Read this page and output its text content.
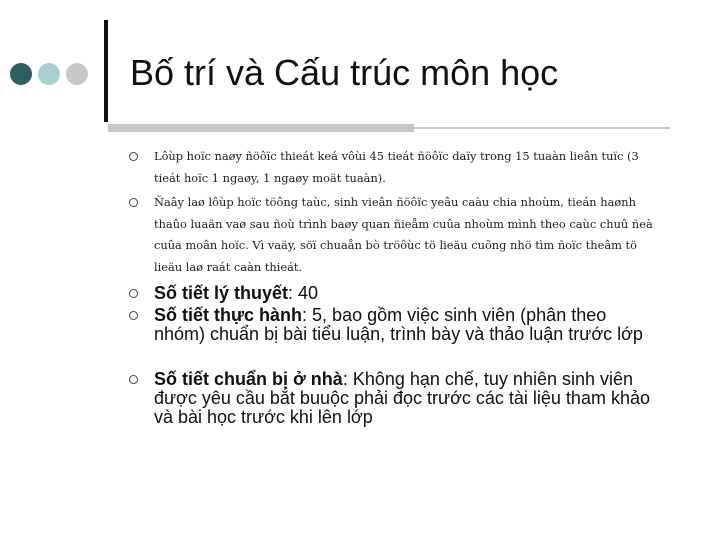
Bố trí và Cấu trúc môn học
Lôùp hoïc naøy ñöôïc thieát keá vôùi 45 tieát ñöôïc daïy trong 15 tuaàn lieân tuïc (3 tieát hoïc 1 ngaøy, 1 ngaøy moät tuaàn).
Ñaây laø lôùp hoïc töông taùc, sinh vieân ñöôïc yeâu caàu chia nhoùm, tieán haønh thaûo luaän vaø sau ñoù trình baøy quan ñieåm cuûa nhoùm mình theo caùc chuû ñeà cuûa moân hoïc. Vì vaäy, söï chuaån bò tröôùc tö lieäu cuõng nhö tìm ñoïc theâm tö lieäu laø raát caàn thieát.
Số tiết lý thuyết: 40
Số tiết thực hành: 5, bao gồm việc sinh viên (phân theo nhóm) chuẩn bị bài tiểu luận, trình bày và thảo luận trước lớp
Số tiết chuẩn bị ở nhà: Không hạn chế, tuy nhiên sinh viên được yêu cầu bắt buuộc phải đọc trước các tài liệu tham khảo và bài học trước khi lên lớp
